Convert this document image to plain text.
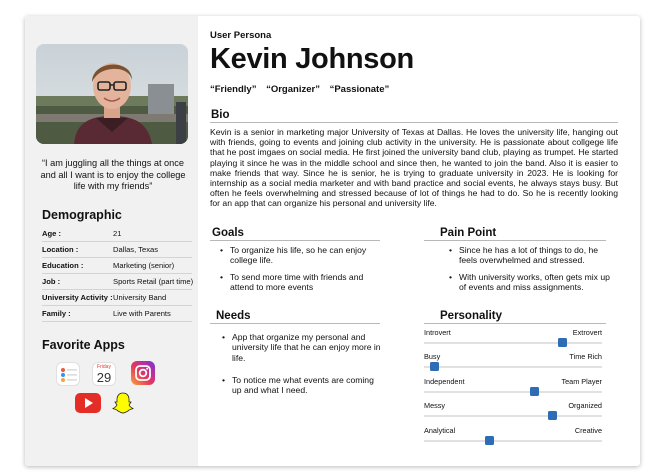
“I am juggling all the things at once and all I want is to enjoy the college life with my friends”
Demographic
Age :	21
Location :	Dallas, Texas
Education :	Marketing (senior)
Job :	Sports Retail (part time)
University Activity : University Band
Family :	Live with Parents
Favorite Apps
Friday
29
User Persona
Kevin Johnson
“Friendly” “Organizer” “Passionate”
Bio
Kevin is a senior in marketing major University of Texas at Dallas. He loves the university life, hanging out with friends, going to events and joining club activity in the university. He is passionate about collgege life that he post imgaes on social media. He first joined the university band club, playing as trumpet. He started playing it since he was in the middle school and since then, he wanted to join the band. Also it is easier to make friends that way. Since he is senior, he is trying to graduate university in 2023. He is looking for internship as a social media marketer and with band practice and social events, he always stays busy. But often he feels overwhelming and stressed because of lot of things he had to do. So he is recently looking for an app that can organize his personal and university life.
Goals
• To organize his life, so he can enjoy college life.
• To send more time with friends and attend to more events
Pain Point
• Since he has a lot of things to do, he feels overwhelmed and stressed.
• With university works, often gets mix up of events and miss assignments.
Needs
• App that organize my personal and university life that he can enjoy more in life.
• To notice me what events are coming up and what I need.
Personality
Introvert	Extrovert
Busy	Time Rich
Independent	Team Player
Messy	Organized
Analytical	Creative
